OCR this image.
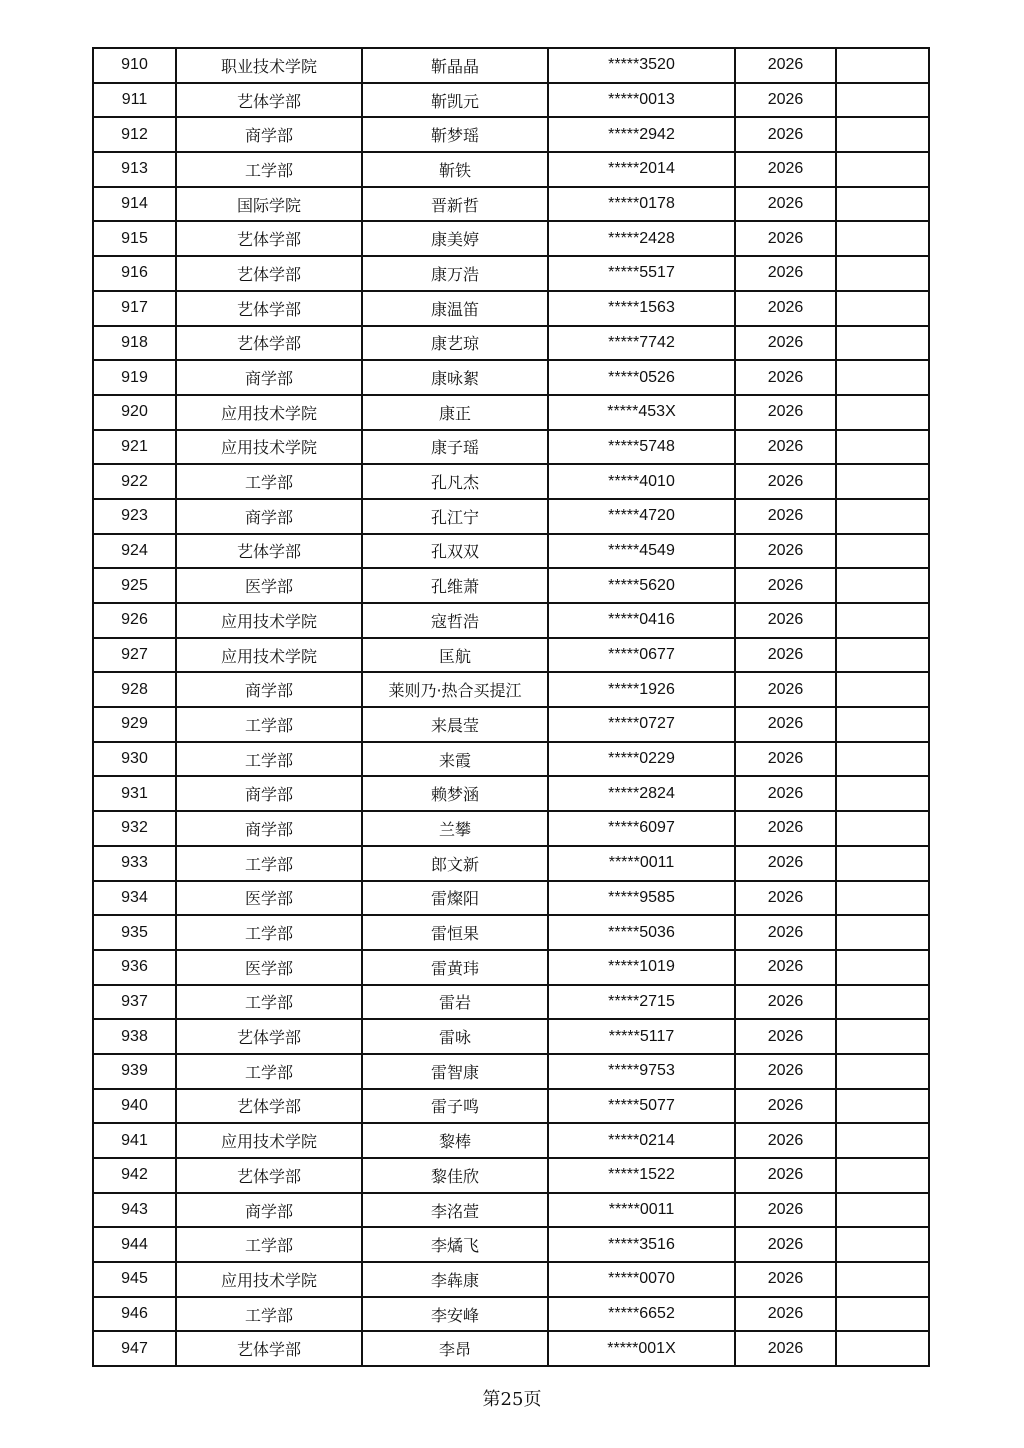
910	职业技术学院	靳晶晶	*****3520	2026	
911	艺体学部	靳凯元	*****0013	2026	
912	商学部	靳梦瑶	*****2942	2026	
913	工学部	靳铁	*****2014	2026	
914	国际学院	晋新哲	*****0178	2026	
915	艺体学部	康美婷	*****2428	2026	
916	艺体学部	康万浩	*****5517	2026	
917	艺体学部	康温笛	*****1563	2026	
918	艺体学部	康艺琼	*****7742	2026	
919	商学部	康咏絮	*****0526	2026	
920	应用技术学院	康正	*****453X	2026	
921	应用技术学院	康子瑶	*****5748	2026	
922	工学部	孔凡杰	*****4010	2026	
923	商学部	孔江宁	*****4720	2026	
924	艺体学部	孔双双	*****4549	2026	
925	医学部	孔维萧	*****5620	2026	
926	应用技术学院	寇哲浩	*****0416	2026	
927	应用技术学院	匡航	*****0677	2026	
928	商学部	莱则乃·热合买提江	*****1926	2026	
929	工学部	来晨莹	*****0727	2026	
930	工学部	来霞	*****0229	2026	
931	商学部	赖梦涵	*****2824	2026	
932	商学部	兰攀	*****6097	2026	
933	工学部	郎文新	*****0011	2026	
934	医学部	雷燦阳	*****9585	2026	
935	工学部	雷恒果	*****5036	2026	
936	医学部	雷黄玮	*****1019	2026	
937	工学部	雷岩	*****2715	2026	
938	艺体学部	雷咏	*****5117	2026	
939	工学部	雷智康	*****9753	2026	
940	艺体学部	雷子鸣	*****5077	2026	
941	应用技术学院	黎棒	*****0214	2026	
942	艺体学部	黎佳欣	*****1522	2026	
943	商学部	李洺萱	*****0011	2026	
944	工学部	李燏飞	*****3516	2026	
945	应用技术学院	李犇康	*****0070	2026	
946	工学部	李安峰	*****6652	2026	
947	艺体学部	李昂	*****001X	2026	
第25页
